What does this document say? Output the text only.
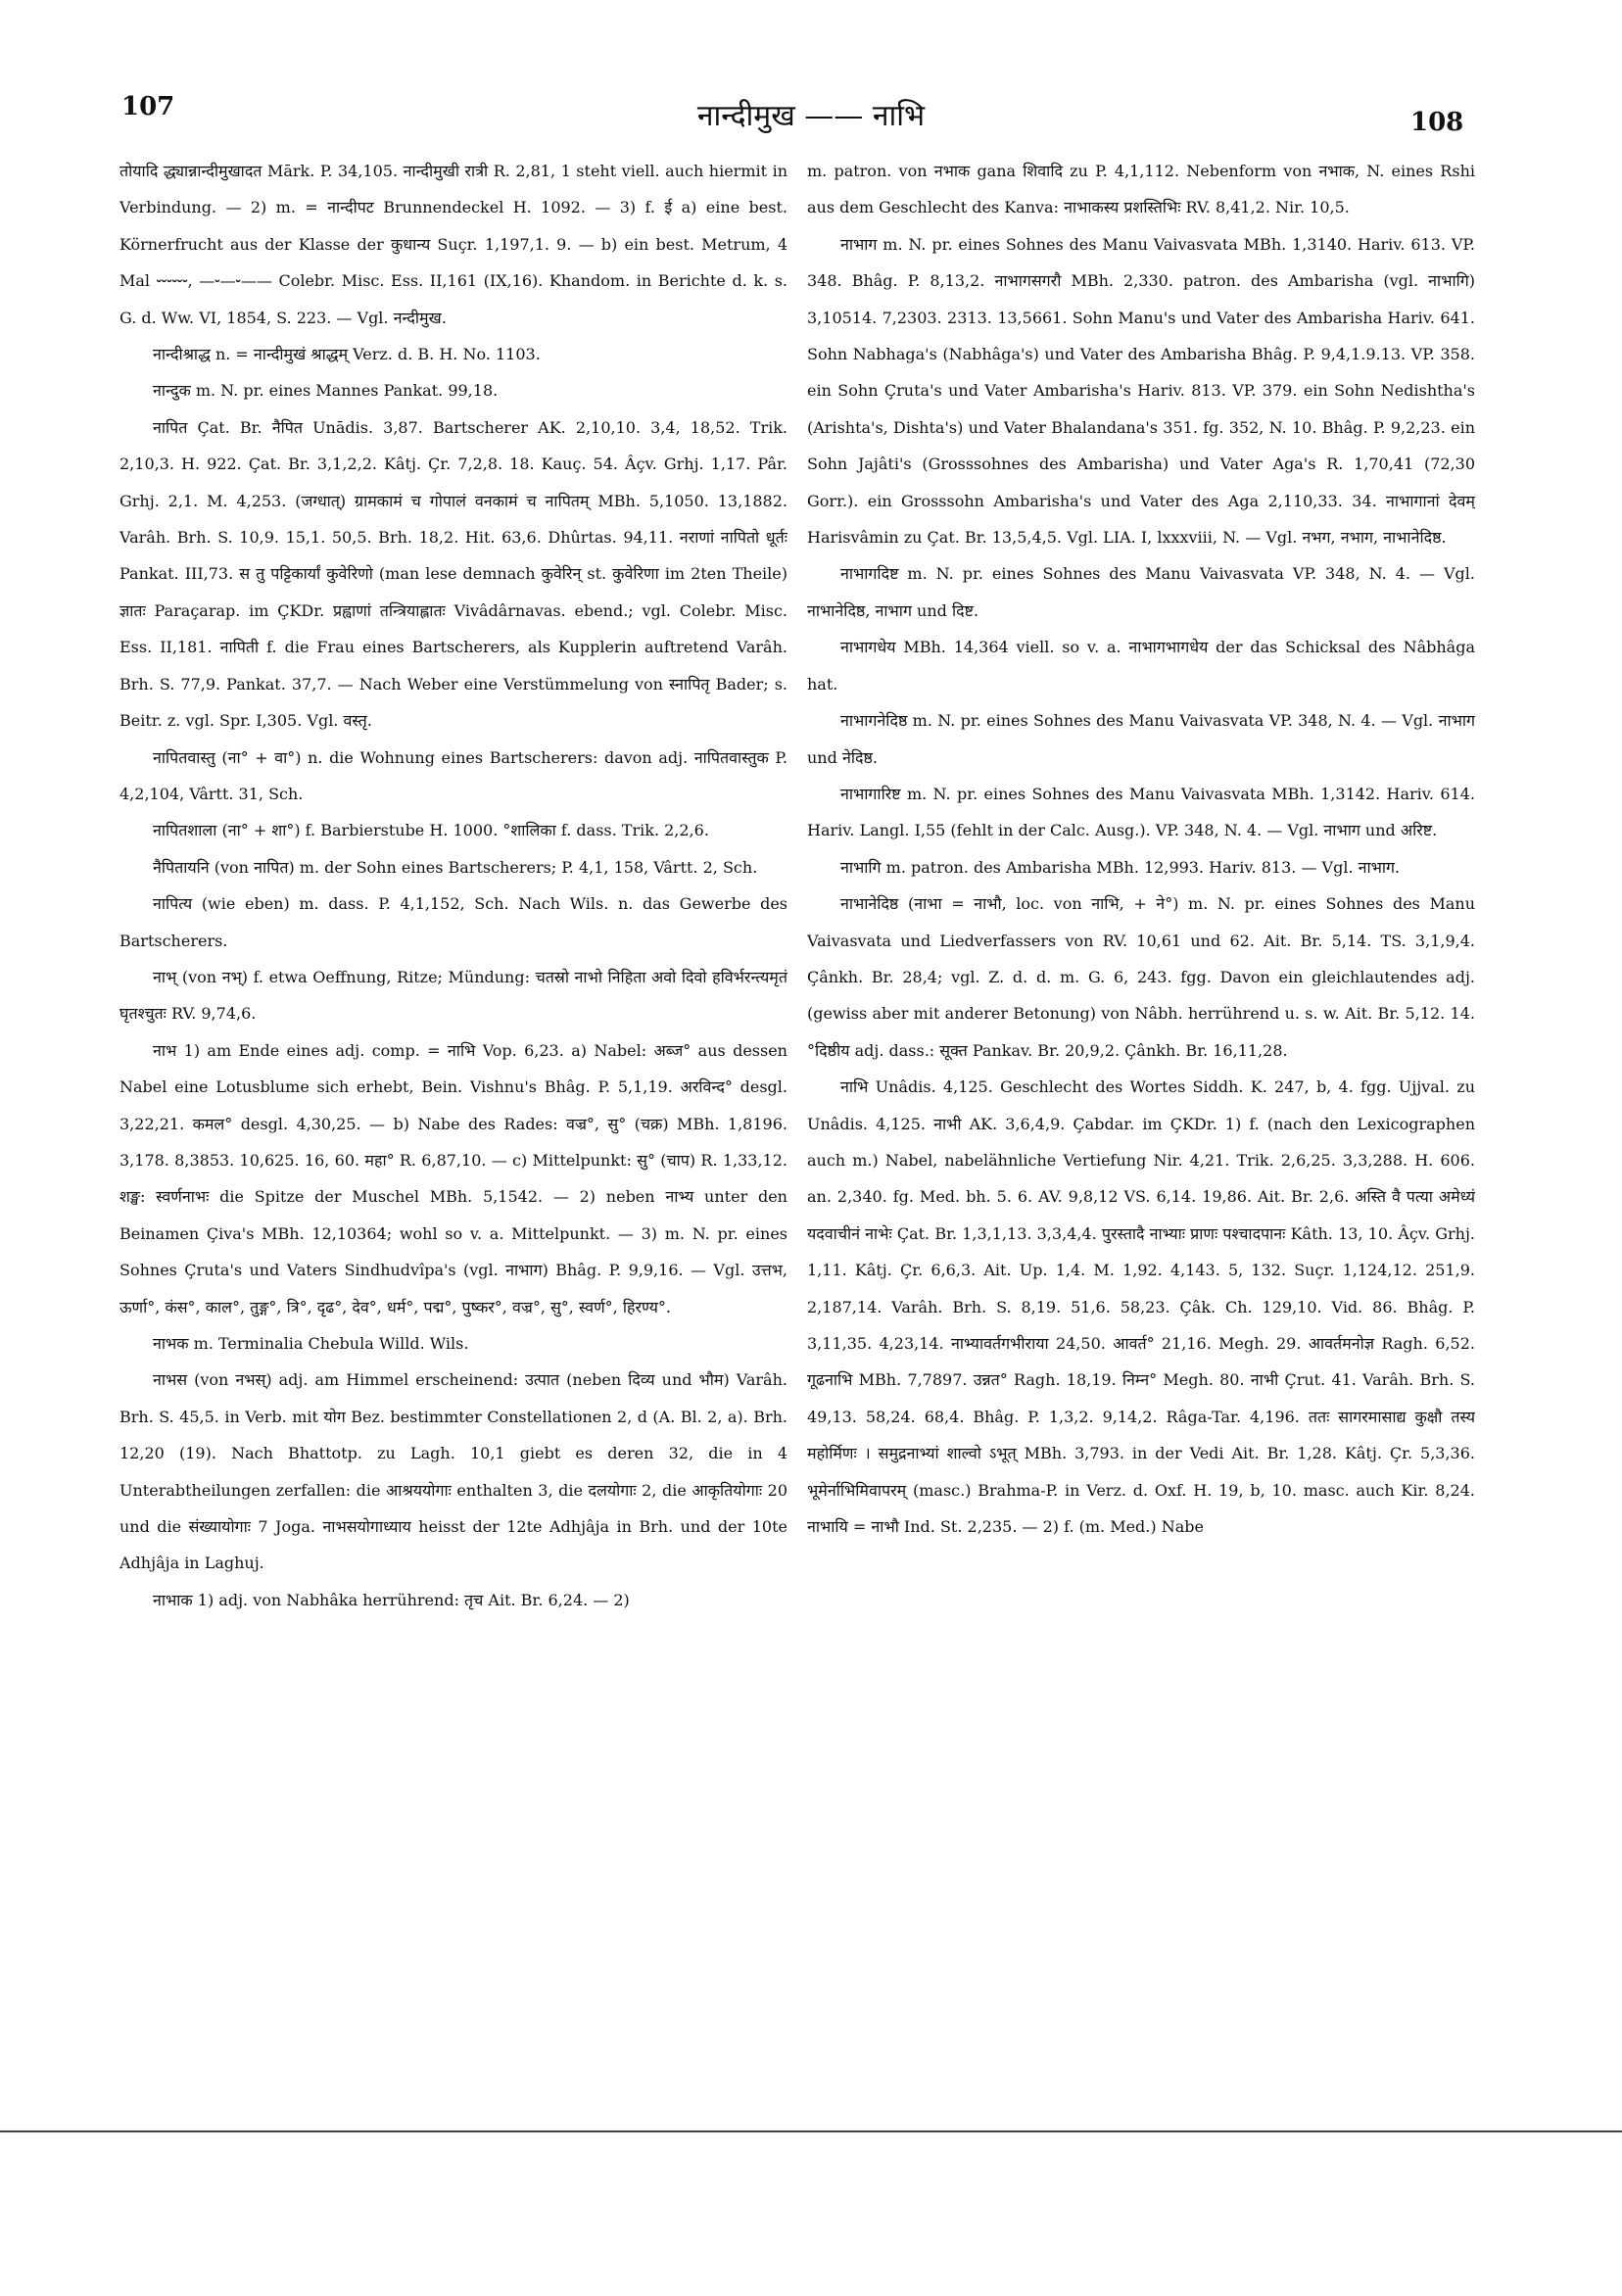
107	नान्दीमुख —— नाभि	108

तोयादि द्ध्यान्नान्दीमुखादत Mārk. P. 34,105. नान्दीमुखी रात्री R. 2,81, 1 steht viell. auch hiermit in Verbindung. — 2) m. = नान्दीपट Brunnendeckel H. 1092. — 3) f. ई a) eine best. Körnerfrucht aus der Klasse der कुधान्य Suçr. 1,197,1. 9. — b) ein best. Metrum, 4 Mal ⏑⏑⏑⏑⏑⏑, —⏑—⏑—— Colebr. Misc. Ess. II,161 (IX,16). Khandom. in Berichte d. k. s. G. d. Ww. VI, 1854, S. 223. — Vgl. नन्दीमुख.

नान्दीश्राद्ध n. = नान्दीमुखं श्राद्धम् Verz. d. B. H. No. 1103.

नान्दुक m. N. pr. eines Mannes Pankat. 99,18.

नापित Çat. Br. नैपित Unādis. 3,87. Bartscherer AK. 2,10,10. 3,4, 18,52. Trik. 2,10,3. H. 922. Çat. Br. 3,1,2,2. Kâtj. Çr. 7,2,8. 18. Kauç. 54. Âçv. Grhj. 1,17. Pâr. Grhj. 2,1. M. 4,253. (जग्धात्) ग्रामकामं च गोपालं वनकामं च नापितम् MBh. 5,1050. 13,1882. Varâh. Brh. S. 10,9. 15,1. 50,5. Brh. 18,2. Hit. 63,6. Dhûrtas. 94,11. नराणां नापितो धूर्तः Pankat. III,73. स तु पट्टिकार्यां कुवेरिणो (man lese demnach कुवेरिन् st. कुवेरिणा im 2ten Theile) ज्ञातः Paraçarap. im ÇKDr. प्रह्वाणां तन्त्रियाह्लातः Vivâdârnavas. ebend.; vgl. Colebr. Misc. Ess. II,181. नापिती f. die Frau eines Bartscherers, als Kupplerin auftretend Varâh. Brh. S. 77,9. Pankat. 37,7. — Nach Weber eine Verstümmelung von स्नापितृ Bader; s. Beitr. z. vgl. Spr. I,305. Vgl. वस्तृ.

नापितवास्तु (ना° + वा°) n. die Wohnung eines Bartscherers: davon adj. नापितवास्तुक P. 4,2,104, Vârtt. 31, Sch.

नापितशाला (ना° + शा°) f. Barbierstube H. 1000. °शालिका f. dass. Trik. 2,2,6.

नैपितायनि (von नापित) m. der Sohn eines Bartscherers; P. 4,1, 158, Vârtt. 2, Sch.

नापित्य (wie eben) m. dass. P. 4,1,152, Sch. Nach Wils. n. das Gewerbe des Bartscherers.

नाभ् (von नभ्) f. etwa Oeffnung, Ritze; Mündung: चतस्रो नाभो निहिता अवो दिवो हविर्भरन्त्यमृतं घृतश्चुतः RV. 9,74,6.

नाभ 1) am Ende eines adj. comp. = नाभि Vop. 6,23. a) Nabel: अब्ज° aus dessen Nabel eine Lotusblume sich erhebt, Bein. Vishnu's Bhâg. P. 5,1,19. अरविन्द° desgl. 3,22,21. कमल° desgl. 4,30,25. — b) Nabe des Rades: वज्र°, सु° (चक्र) MBh. 1,8196. 3,178. 8,3853. 10,625. 16, 60. महा° R. 6,87,10. — c) Mittelpunkt: सु° (चाप) R. 1,33,12. शङ्ख: स्वर्णनाभः die Spitze der Muschel MBh. 5,1542. — 2) neben नाभ्य unter den Beinamen Çiva's MBh. 12,10364; wohl so v. a. Mittelpunkt. — 3) m. N. pr. eines Sohnes Çruta's und Vaters Sindhudvîpa's (vgl. नाभाग) Bhâg. P. 9,9,16. — Vgl. उत्तभ, ऊर्णा°, कंस°, काल°, तुङ्ग°, त्रि°, दृढ°, देव°, धर्म°, पद्म°, पुष्कर°, वज्र°, सु°, स्वर्ण°, हिरण्य°.

नाभक m. Terminalia Chebula Willd. Wils.

नाभस (von नभस्) adj. am Himmel erscheinend: उत्पात (neben दिव्य und भौम) Varâh. Brh. S. 45,5. in Verb. mit योग Bez. bestimmter Constellationen 2, d (A. Bl. 2, a). Brh. 12,20 (19). Nach Bhattotp. zu Lagh. 10,1 giebt es deren 32, die in 4 Unterabtheilungen zerfallen: die आश्रययोगाः enthalten 3, die दलयोगाः 2, die आकृतियोगाः 20 und die संख्यायोगाः 7 Joga. नाभसयोगाध्याय heisst der 12te Adhjâja in Brh. und der 10te Adhjâja in Laghuj.

नाभाक 1) adj. von Nabhâka herrührend: तृच Ait. Br. 6,24. — 2)

m. patron. von नभाक gana शिवादि zu P. 4,1,112. Nebenform von नभाक, N. eines Rshi aus dem Geschlecht des Kanva: नाभाकस्य प्रशस्तिभिः RV. 8,41,2. Nir. 10,5.

नाभाग m. N. pr. eines Sohnes des Manu Vaivasvata MBh. 1,3140. Hariv. 613. VP. 348. Bhâg. P. 8,13,2. नाभागसगरौ MBh. 2,330. patron. des Ambarisha (vgl. नाभागि) 3,10514. 7,2303. 2313. 13,5661. Sohn Manu's und Vater des Ambarisha Hariv. 641. Sohn Nabhaga's (Nabhâga's) und Vater des Ambarisha Bhâg. P. 9,4,1.9.13. VP. 358. ein Sohn Çruta's und Vater Ambarisha's Hariv. 813. VP. 379. ein Sohn Nedishtha's (Arishta's, Dishta's) und Vater Bhalandana's 351. fg. 352, N. 10. Bhâg. P. 9,2,23. ein Sohn Jajâti's (Grosssohnes des Ambarisha) und Vater Aga's R. 1,70,41 (72,30 Gorr.). ein Grosssohn Ambarisha's und Vater des Aga 2,110,33. 34. नाभागानां देवम् Harisvâmin zu Çat. Br. 13,5,4,5. Vgl. LIA. I, lxxxviii, N. — Vgl. नभग, नभाग, नाभानेदिष्ठ.

नाभागदिष्ट m. N. pr. eines Sohnes des Manu Vaivasvata VP. 348, N. 4. — Vgl. नाभानेदिष्ठ, नाभाग und दिष्ट.

नाभागधेय MBh. 14,364 viell. so v. a. नाभागभागधेय der das Schicksal des Nâbhâga hat.

नाभागनेदिष्ठ m. N. pr. eines Sohnes des Manu Vaivasvata VP. 348, N. 4. — Vgl. नाभाग und नेदिष्ठ.

नाभागारिष्ट m. N. pr. eines Sohnes des Manu Vaivasvata MBh. 1,3142. Hariv. 614. Hariv. Langl. I,55 (fehlt in der Calc. Ausg.). VP. 348, N. 4. — Vgl. नाभाग und अरिष्ट.

नाभागि m. patron. des Ambarisha MBh. 12,993. Hariv. 813. — Vgl. नाभाग.

नाभानेदिष्ठ (नाभा = नाभौ, loc. von नाभि, + ने°) m. N. pr. eines Sohnes des Manu Vaivasvata und Liedverfassers von RV. 10,61 und 62. Ait. Br. 5,14. TS. 3,1,9,4. Çânkh. Br. 28,4; vgl. Z. d. d. m. G. 6, 243. fgg. Davon ein gleichlautendes adj. (gewiss aber mit anderer Betonung) von Nâbh. herrührend u. s. w. Ait. Br. 5,12. 14. °दिष्ठीय adj. dass.: सूक्त Pankav. Br. 20,9,2. Çânkh. Br. 16,11,28.

नाभि Unâdis. 4,125. Geschlecht des Wortes Siddh. K. 247, b, 4. fgg. Ujjval. zu Unâdis. 4,125. नाभी AK. 3,6,4,9. Çabdar. im ÇKDr. 1) f. (nach den Lexicographen auch m.) Nabel, nabelähnliche Vertiefung Nir. 4,21. Trik. 2,6,25. 3,3,288. H. 606. an. 2,340. fg. Med. bh. 5. 6. AV. 9,8,12 VS. 6,14. 19,86. Ait. Br. 2,6. अस्ति वै पत्या अमेध्यं यदवाचीनं नाभेः Çat. Br. 1,3,1,13. 3,3,4,4. पुरस्तादै नाभ्याः प्राणः पश्चादपानः Kâth. 13, 10. Âçv. Grhj. 1,11. Kâtj. Çr. 6,6,3. Ait. Up. 1,4. M. 1,92. 4,143. 5, 132. Suçr. 1,124,12. 251,9. 2,187,14. Varâh. Brh. S. 8,19. 51,6. 58,23. Çâk. Ch. 129,10. Vid. 86. Bhâg. P. 3,11,35. 4,23,14. नाभ्यावर्तगभीराया 24,50. आवर्त° 21,16. Megh. 29. आवर्तमनोज्ञ Ragh. 6,52. गूढनाभि MBh. 7,7897. उन्नत° Ragh. 18,19. निम्न° Megh. 80. नाभी Çrut. 41. Varâh. Brh. S. 49,13. 58,24. 68,4. Bhâg. P. 1,3,2. 9,14,2. Râga-Tar. 4,196. ततः सागरमासाद्य कुक्षौ तस्य महोर्मिणः । समुद्रनाभ्यां शाल्वो ऽभूत् MBh. 3,793. in der Vedi Ait. Br. 1,28. Kâtj. Çr. 5,3,36. भूमेर्नाभिमिवापरम् (masc.) Brahma-P. in Verz. d. Oxf. H. 19, b, 10. masc. auch Kir. 8,24. नाभायि = नाभौ Ind. St. 2,235. — 2) f. (m. Med.) Nabe
